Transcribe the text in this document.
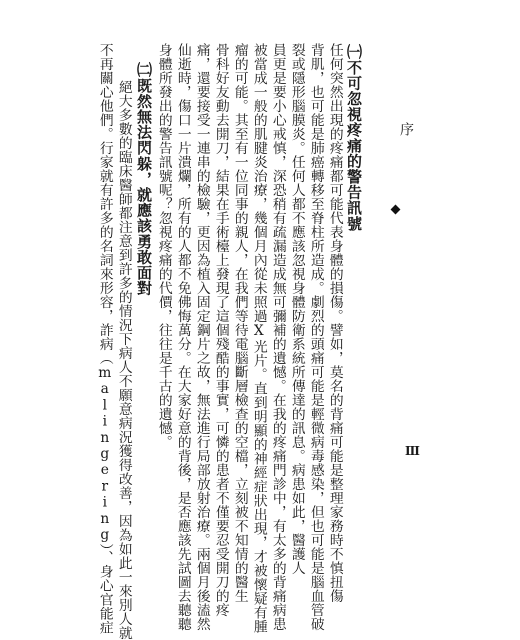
序
III
㈠不可忽視疼痛的警告訊號
任何突然出現的疼痛都可能代表身體的損傷。譬如，莫名的背痛可能是整理家務時不慎扭傷
背肌，也可能是肺癌轉移至脊柱所造成。劇烈的頭痛可能是輕微病毒感染，但也可能是腦血管破
裂或隱形腦膜炎。任何人都不應該忽視身體防衛系統所傳達的訊息。病患如此，醫護人
員更是要小心戒慎，深恐稍有疏漏造成無可彌補的遺憾。在我的疼痛門診中，有太多的背痛病患
被當成一般的肌腱炎治療，幾個月內從未照過X光片。直到明顯的神經症狀出現，才被懷疑有腫
瘤的可能。其至有一位同事的親人，在我們等待電腦斷層檢查的空檔，立刻被不知情的醫生
骨科好友動去開刀，結果在手術檯上發現了這個殘酷的事實，可憐的患者不僅要忍受開刀的疼
痛，還要接受一連串的檢驗，更因為植入固定鋼片之故，無法進行局部放射治療。兩個月後溘然
仙逝時，傷口一片潰爛，所有的人都不免佛悔萬分。在大家好意的背後，是否應該先試圖去聽聽
身體所發出的警告訊號呢？忽視疼痛的代價，往往是千古的遺憾。
㈡既然無法閃躲，就應該勇敢面對
絕大多數的臨床醫師都注意到許多的情況下病人不願意病況獲得改善，因為如此一來別人就
不再關心他們。行家就有許多的名詞來形容，詐病（malingering）、身心官能症
